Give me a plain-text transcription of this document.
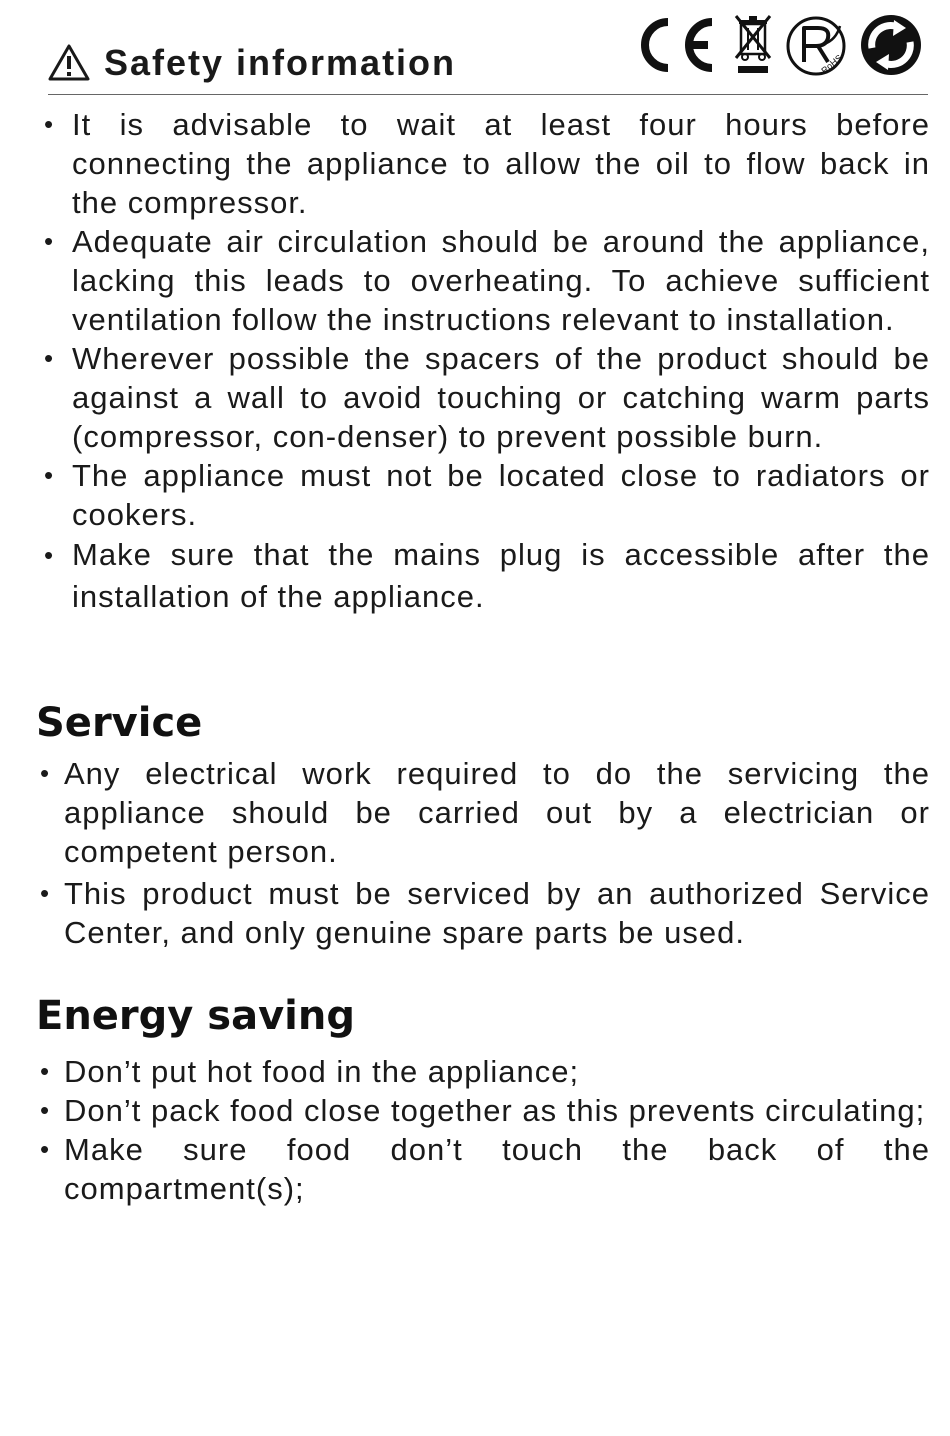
Safety information	RoHS
• It is advisable to wait at least four hours before connecting the appliance to allow the oil to flow back in the compressor.
• Adequate air circulation should be around the appliance, lacking this leads to overheating. To achieve sufficient ventilation follow the instructions relevant to installation.
• Wherever possible the spacers of the product should be against a wall to avoid touching or catching warm parts (compressor, con-denser) to prevent possible burn.
• The appliance must not be located close to radiators or cookers.
• Make sure that the mains plug is accessible after the installation of the appliance.
Service
• Any electrical work required to do the servicing the appliance should be carried out by a electrician or competent person.
• This product must be serviced by an authorized Service Center, and only genuine spare parts be used.
Energy saving
• Don’t put hot food in the appliance;
• Don’t pack food close together as this prevents circulating;
• Make sure food don’t touch the back of the compartment(s);
